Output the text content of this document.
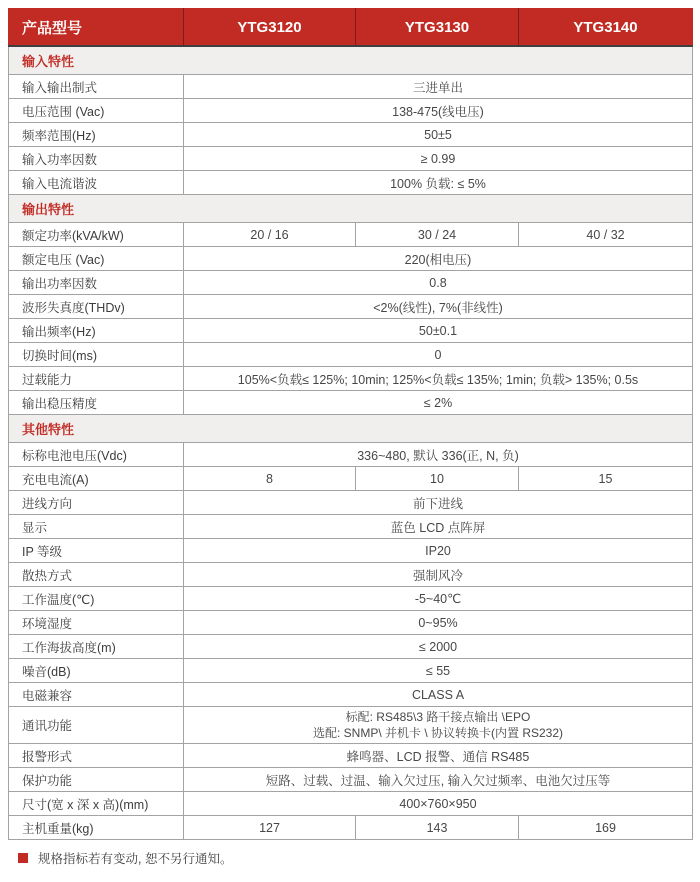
产品型号	YTG3120	YTG3130	YTG3140
输入特性			
输入输出制式	三进单出		
电压范围 (Vac)	138-475(线电压)		
频率范围(Hz)	50±5		
输入功率因数	≥ 0.99		
输入电流谐波	100% 负载: ≤ 5%		
输出特性			
额定功率(kVA/kW)	20 / 16	30 / 24	40 / 32
额定电压 (Vac)	220(相电压)		
输出功率因数	0.8		
波形失真度(THDv)	<2%(线性), 7%(非线性)		
输出频率(Hz)	50±0.1		
切换时间(ms)	0		
过载能力	105%<负载≤ 125%; 10min; 125%<负载≤ 135%; 1min; 负载> 135%; 0.5s		
输出稳压精度	≤ 2%		
其他特性			
标称电池电压(Vdc)	336~480, 默认 336(正, N, 负)		
充电电流(A)	8	10	15
进线方向	前下进线		
显示	蓝色 LCD 点阵屏		
IP 等级	IP20		
散热方式	强制风冷		
工作温度(℃)	-5~40℃		
环境湿度	0~95%		
工作海拔高度(m)	≤ 2000		
噪音(dB)	≤ 55		
电磁兼容	CLASS A		
通讯功能	标配: RS485\3 路干接点输出 \EPO
选配: SNMP\ 并机卡 \ 协议转换卡(内置 RS232)		

报警形式	蜂鸣器、LCD 报警、通信 RS485		
保护功能	短路、过载、过温、输入欠过压, 输入欠过频率、电池欠过压等		
尺寸(宽 x 深 x 高)(mm)	400×760×950		
主机重量(kg)	127	143	169
规格指标若有变动, 恕不另行通知。
